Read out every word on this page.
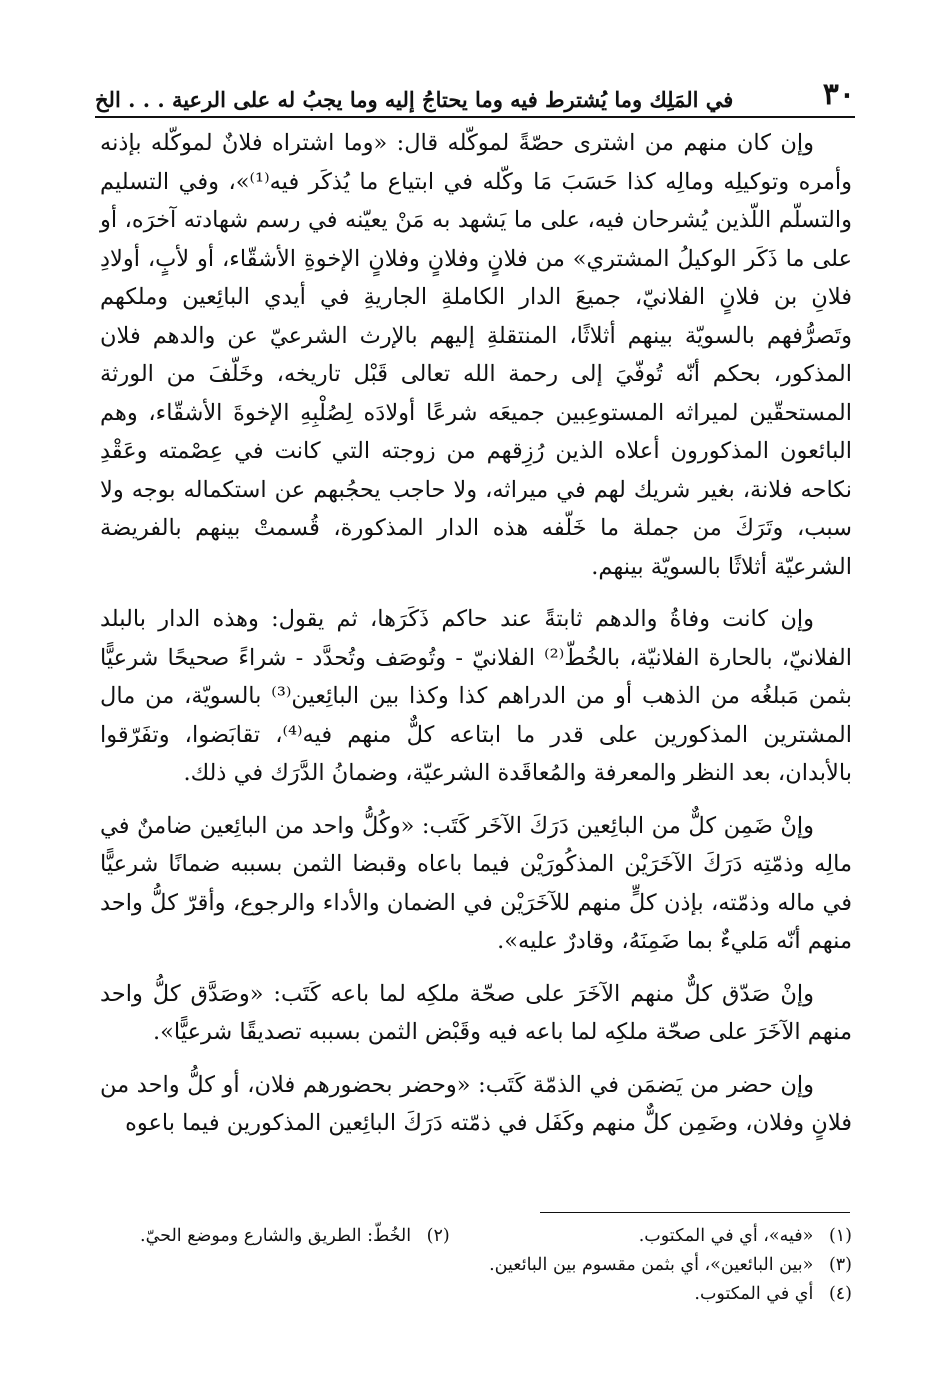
٣٠
في المَلِك وما يُشترط فيه وما يحتاجُ إليه وما يجبُ له على الرعية . . . الخ

وإن كان منهم من اشترى حصّةً لموكّله قال: «وما اشتراه فلانٌ لموكّله بإذنه وأمره وتوكيلِه ومالِه كذا حَسَبَ مَا وكّله في ابتياع ما يُذكَر فيه⁽¹⁾»، وفي التسليم والتسلّم اللّذين يُشرحان فيه، على ما يَشهد به مَنْ يعيّنه في رسم شهادته آخرَه، أو على ما ذَكَر الوكيلُ المشتري» من فلانٍ وفلانٍ وفلانٍ الإخوةِ الأشقّاء، أو لأبٍ، أولادِ فلانِ بن فلانٍ الفلانيّ، جميعَ الدار الكاملةِ الجاريةِ في أيدي البائِعين وملكهم وتَصرُّفهم بالسويّة بينهم أثلاثًا، المنتقلةِ إليهم بالإرث الشرعيّ عن والدهم فلان المذكور، بحكم أنّه تُوفّيَ إلى رحمة الله تعالى قَبْل تاريخه، وخَلّفَ من الورثة المستحقّين لميراثه المستوعِبين جميعَه شرعًا أولادَه لِصُلْبِهِ الإخوةَ الأشقّاء، وهم البائعون المذكورون أعلاه الذين رُزِقهم من زوجته التي كانت في عِصْمته وعَقْدِ نكاحه فلانة، بغير شريك لهم في ميراثه، ولا حاجب يحجُبهم عن استكماله بوجه ولا سبب، وتَرَكَ من جملة ما خَلّفه هذه الدار المذكورة، قُسمتْ بينهم بالفريضة الشرعيّة أثلاثًا بالسويّة بينهم.

وإن كانت وفاةُ والدهم ثابتةً عند حاكم ذَكَرَها، ثم يقول: وهذه الدار بالبلد الفلانيّ، بالحارة الفلانيّة، بالخُطّ⁽²⁾ الفلانيّ - وتُوصَف وتُحدَّد - شراءً صحيحًا شرعيًّا بثمن مَبلغُه من الذهب أو من الدراهم كذا وكذا بين البائِعين⁽³⁾ بالسويّة، من مال المشترين المذكورين على قدر ما ابتاعه كلٌّ منهم فيه⁽⁴⁾، تقابَضوا، وتفَرّقوا بالأبدان، بعد النظر والمعرفة والمُعاقَدة الشرعيّة، وضمانُ الدَّرَك في ذلك.

وإنْ ضَمِن كلٌّ من البائِعين دَرَكَ الآخَر كَتَب: «وكُلُّ واحد من البائِعين ضامنٌ في مالِه وذمّتِه دَرَكَ الآخَرَيْن المذكُورَيْن فيما باعاه وقبضا الثمن بسببه ضمانًا شرعيًّا في ماله وذمّته، بإذن كلٍّ منهم للآخَرَيْن في الضمان والأداء والرجوع، وأقرّ كلُّ واحد منهم أنّه مَليءٌ بما ضَمِنَهُ، وقادرٌ عليه».

وإنْ صَدّق كلٌّ منهم الآخَرَ على صحّة ملكِه لما باعه كَتَب: «وصَدَّق كلُّ واحد منهم الآخَرَ على صحّة ملكِه لما باعه فيه وقَبْض الثمن بسببه تصديقًا شرعيًّا».

وإن حضر من يَضمَن في الذمّة كَتَب: «وحضر بحضورهم فلان، أو كلُّ واحد من فلانٍ وفلان، وضَمِن كلٌّ منهم وكَفَل في ذمّته دَرَكَ البائِعين المذكورين فيما باعوه

(١) «فيه»، أي في المكتوب.
(٢) الخُطّ: الطريق والشارع وموضع الحيّ.
(٣) «بين البائعين»، أي بثمن مقسوم بين البائعين.
(٤) أي في المكتوب.
